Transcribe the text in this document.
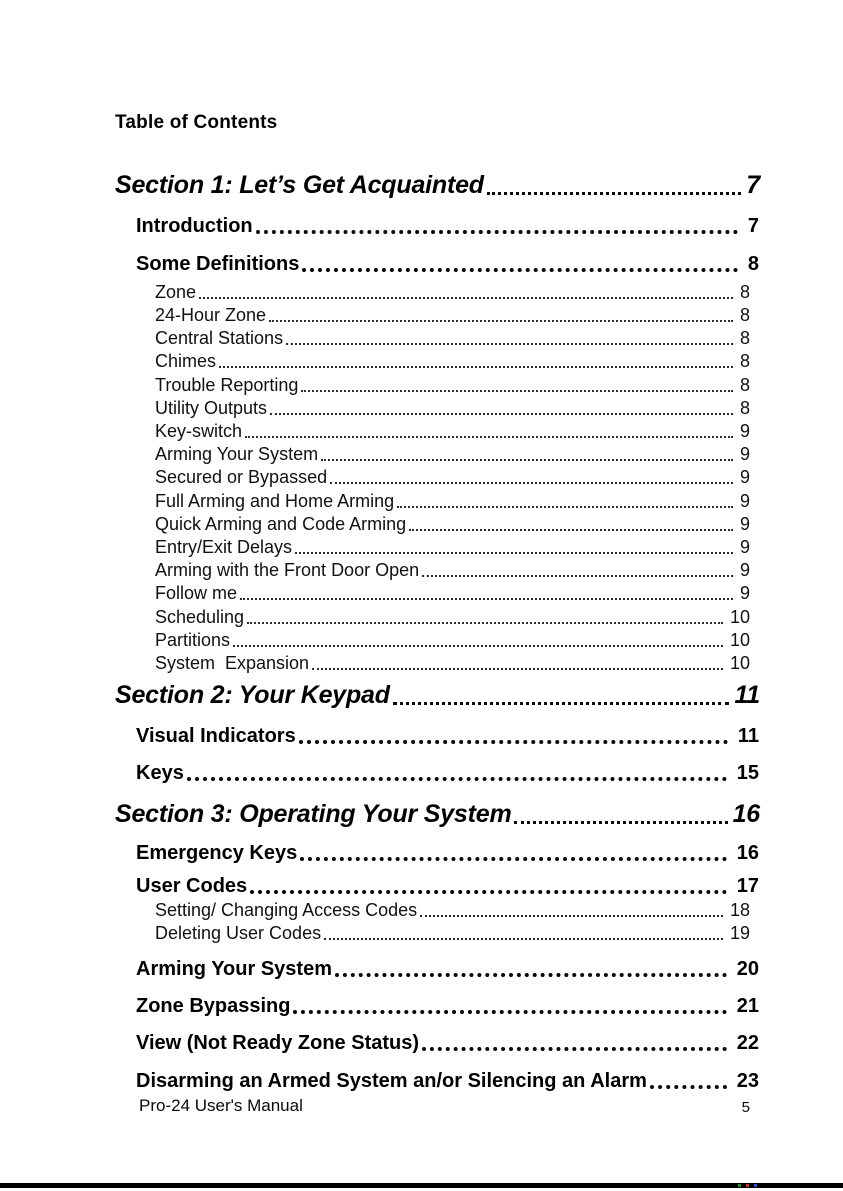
Table of Contents
Section 1: Let’s Get Acquainted	7
Introduction	7
Some Definitions	8
Zone	8
24-Hour Zone	8
Central Stations	8
Chimes	8
Trouble Reporting	8
Utility Outputs	8
Key-switch	9
Arming Your System	9
Secured or Bypassed	9
Full Arming and Home Arming	9
Quick Arming and Code Arming	9
Entry/Exit Delays	9
Arming with the Front Door Open	9
Follow me	9
Scheduling	10
Partitions	10
System  Expansion	10
Section 2: Your Keypad	11
Visual Indicators	11
Keys	15
Section 3: Operating Your System	16
Emergency Keys	16
User Codes	17
Setting/ Changing Access Codes	18
Deleting User Codes	19
Arming Your System	20
Zone Bypassing	21
View (Not Ready Zone Status)	22
Disarming an Armed System an/or Silencing an Alarm	23
Pro-24 User's Manual	5
